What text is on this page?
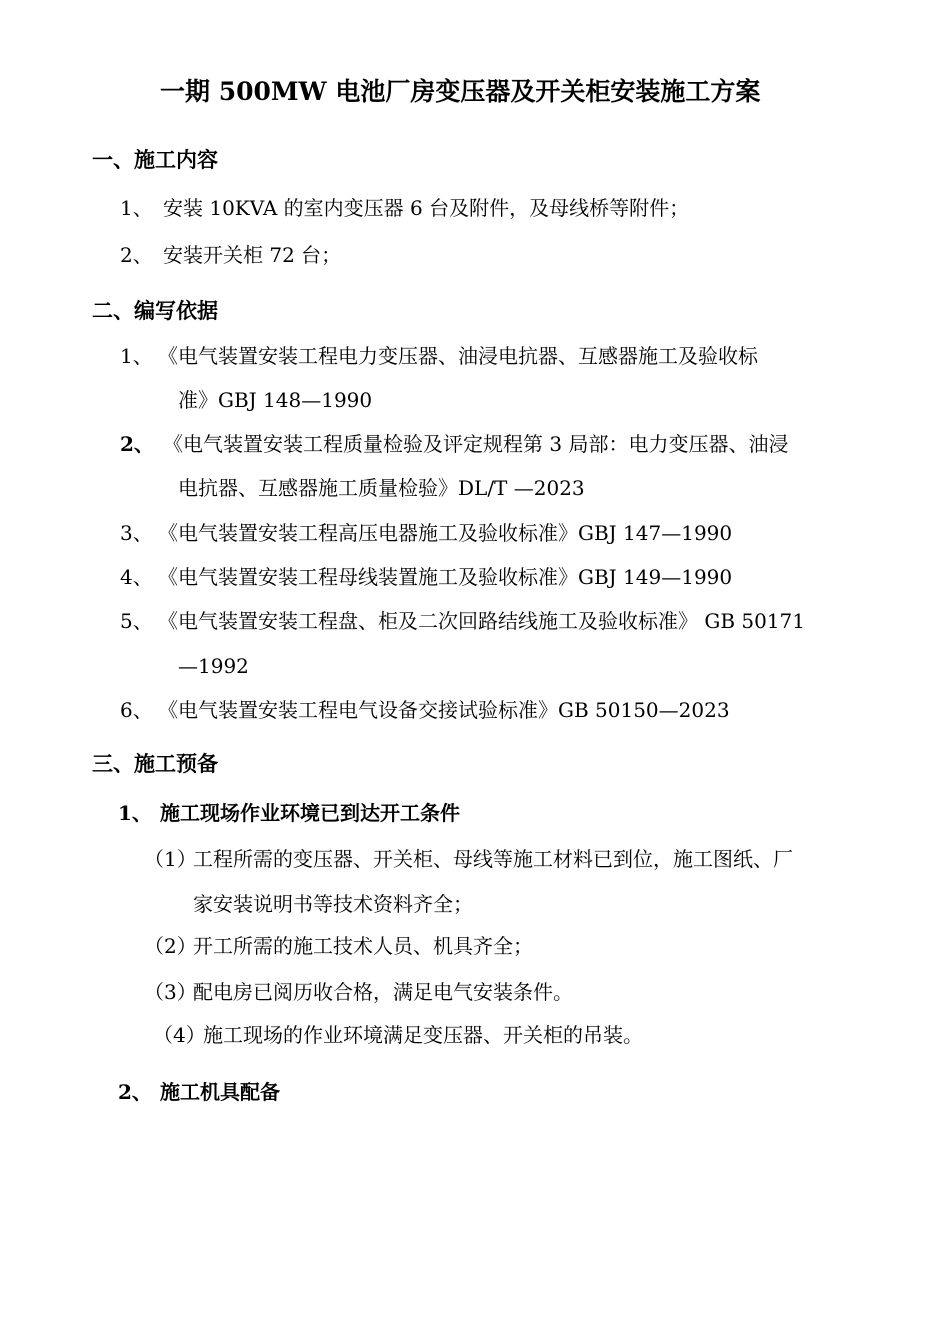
一期 500MW 电池厂房变压器及开关柜安装施工方案
一、施工内容
1、 安装 10KVA 的室内变压器 6 台及附件，及母线桥等附件；
2、 安装开关柜 72 台；
二、编写依据
1、 《电气装置安装工程电力变压器、油浸电抗器、互感器施工及验收标
准》GBJ 148—1990
2、 《电气装置安装工程质量检验及评定规程第 3 局部：电力变压器、油浸
电抗器、互感器施工质量检验》DL/T —2023
3、 《电气装置安装工程高压电器施工及验收标准》GBJ 147—1990
4、 《电气装置安装工程母线装置施工及验收标准》GBJ 149—1990
5、 《电气装置安装工程盘、柜及二次回路结线施工及验收标准》 GB 50171
—1992
6、 《电气装置安装工程电气设备交接试验标准》GB 50150—2023
三、施工预备
1、 施工现场作业环境已到达开工条件
（1）
工程所需的变压器、开关柜、母线等施工材料已到位，施工图纸、厂
家安装说明书等技术资料齐全；
（2）
开工所需的施工技术人员、机具齐全；
（3）
配电房已阅历收合格，满足电气安装条件。
（4）
施工现场的作业环境满足变压器、开关柜的吊装。
2、 施工机具配备
